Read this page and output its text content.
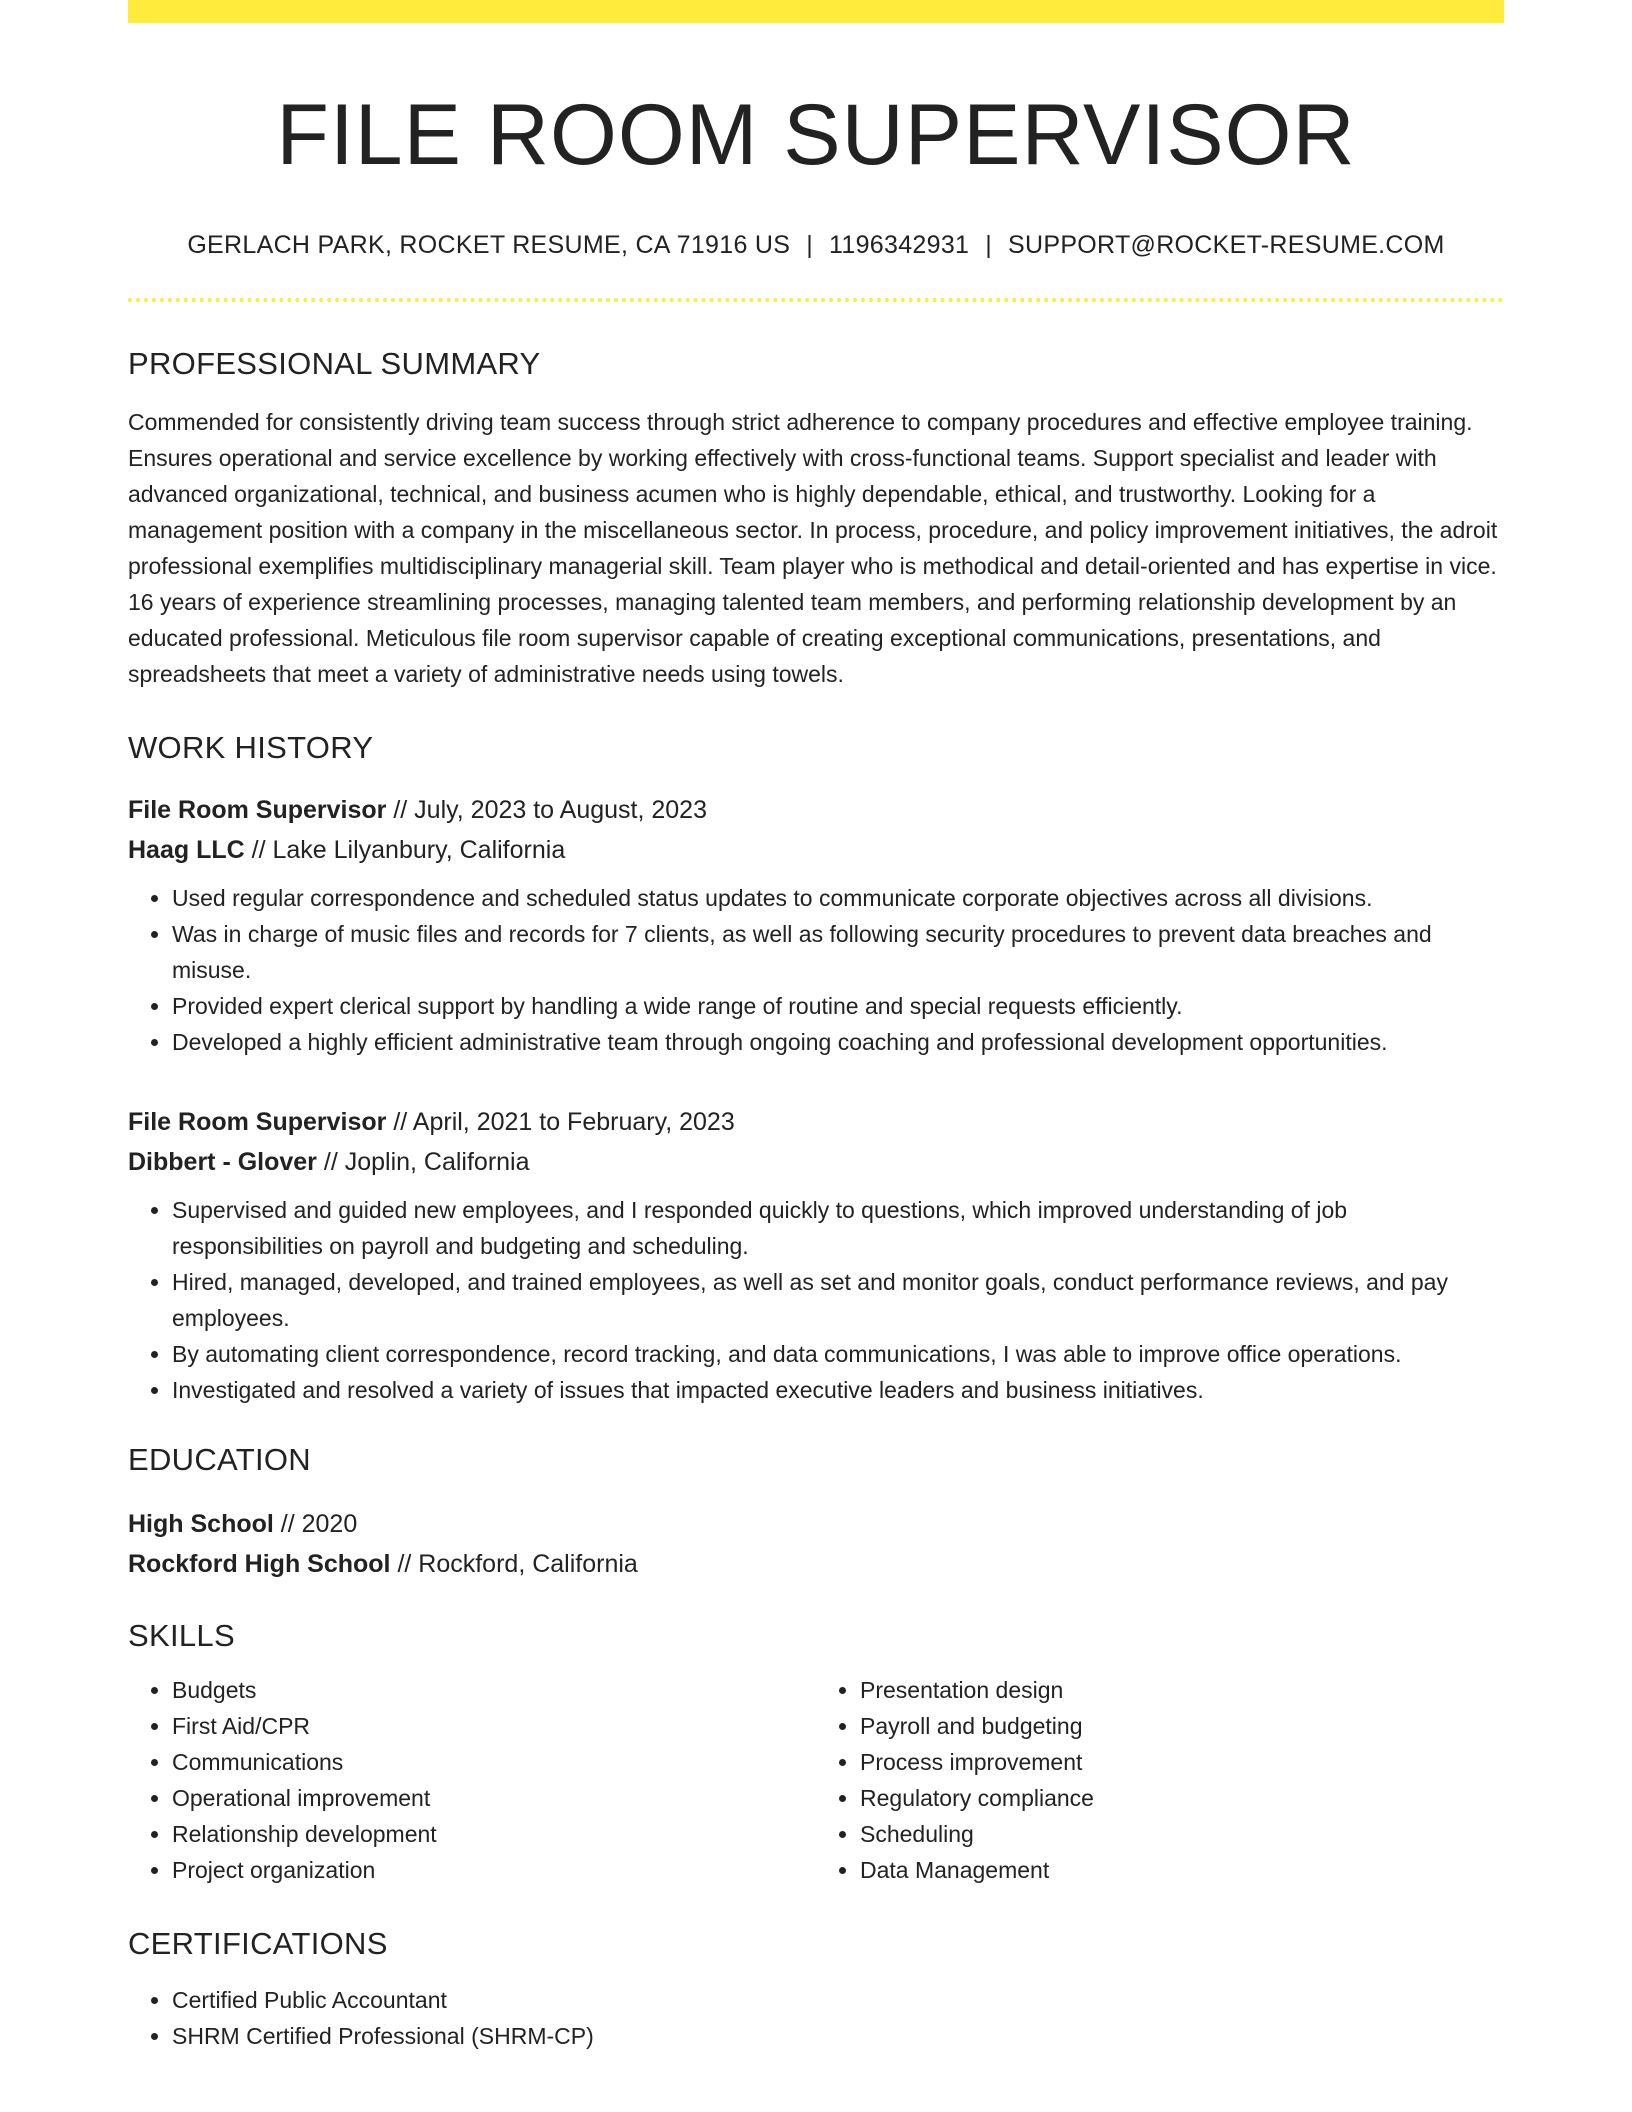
FILE ROOM SUPERVISOR
GERLACH PARK, ROCKET RESUME, CA 71916 US | 1196342931 | SUPPORT@ROCKET-RESUME.COM
PROFESSIONAL SUMMARY
Commended for consistently driving team success through strict adherence to company procedures and effective employee training. Ensures operational and service excellence by working effectively with cross-functional teams. Support specialist and leader with advanced organizational, technical, and business acumen who is highly dependable, ethical, and trustworthy. Looking for a management position with a company in the miscellaneous sector. In process, procedure, and policy improvement initiatives, the adroit professional exemplifies multidisciplinary managerial skill. Team player who is methodical and detail-oriented and has expertise in vice. 16 years of experience streamlining processes, managing talented team members, and performing relationship development by an educated professional. Meticulous file room supervisor capable of creating exceptional communications, presentations, and spreadsheets that meet a variety of administrative needs using towels.
WORK HISTORY
File Room Supervisor // July, 2023 to August, 2023
Haag LLC // Lake Lilyanbury, California
• Used regular correspondence and scheduled status updates to communicate corporate objectives across all divisions.
• Was in charge of music files and records for 7 clients, as well as following security procedures to prevent data breaches and misuse.
• Provided expert clerical support by handling a wide range of routine and special requests efficiently.
• Developed a highly efficient administrative team through ongoing coaching and professional development opportunities.
File Room Supervisor // April, 2021 to February, 2023
Dibbert - Glover // Joplin, California
• Supervised and guided new employees, and I responded quickly to questions, which improved understanding of job responsibilities on payroll and budgeting and scheduling.
• Hired, managed, developed, and trained employees, as well as set and monitor goals, conduct performance reviews, and pay employees.
• By automating client correspondence, record tracking, and data communications, I was able to improve office operations.
• Investigated and resolved a variety of issues that impacted executive leaders and business initiatives.
EDUCATION
High School // 2020
Rockford High School // Rockford, California
SKILLS
• Budgets
• First Aid/CPR
• Communications
• Operational improvement
• Relationship development
• Project organization
• Presentation design
• Payroll and budgeting
• Process improvement
• Regulatory compliance
• Scheduling
• Data Management
CERTIFICATIONS
• Certified Public Accountant
• SHRM Certified Professional (SHRM-CP)
